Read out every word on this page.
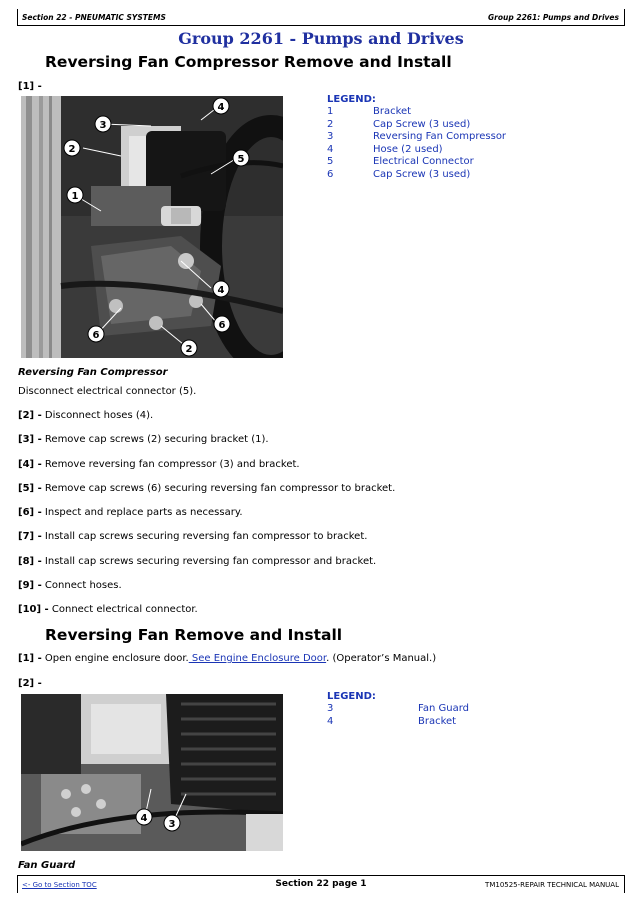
Section 22 - PNEUMATIC SYSTEMS	Group 2261: Pumps and Drives
Group 2261 - Pumps and Drives
Reversing Fan Compressor Remove and Install
[1] -
1
2
3
4
5
4
6
6
2
LEGEND:
1	Bracket
2	Cap Screw (3 used)
3	Reversing Fan Compressor
4	Hose (2 used)
5	Electrical Connector
6	Cap Screw (3 used)
Reversing Fan Compressor
Disconnect electrical connector (5).
[2] - Disconnect hoses (4).
[3] - Remove cap screws (2) securing bracket (1).
[4] - Remove reversing fan compressor (3) and bracket.
[5] - Remove cap screws (6) securing reversing fan compressor to bracket.
[6] - Inspect and replace parts as necessary.
[7] - Install cap screws securing reversing fan compressor to bracket.
[8] - Install cap screws securing reversing fan compressor and bracket.
[9] - Connect hoses.
[10] - Connect electrical connector.
Reversing Fan Remove and Install
[1] - Open engine enclosure door. See Engine Enclosure Door. (Operator’s Manual.)
[2] -
4
3
LEGEND:
3	Fan Guard
4	Bracket
Fan Guard
<- Go to Section TOC	Section 22 page 1	TM10525-REPAIR TECHNICAL MANUAL
